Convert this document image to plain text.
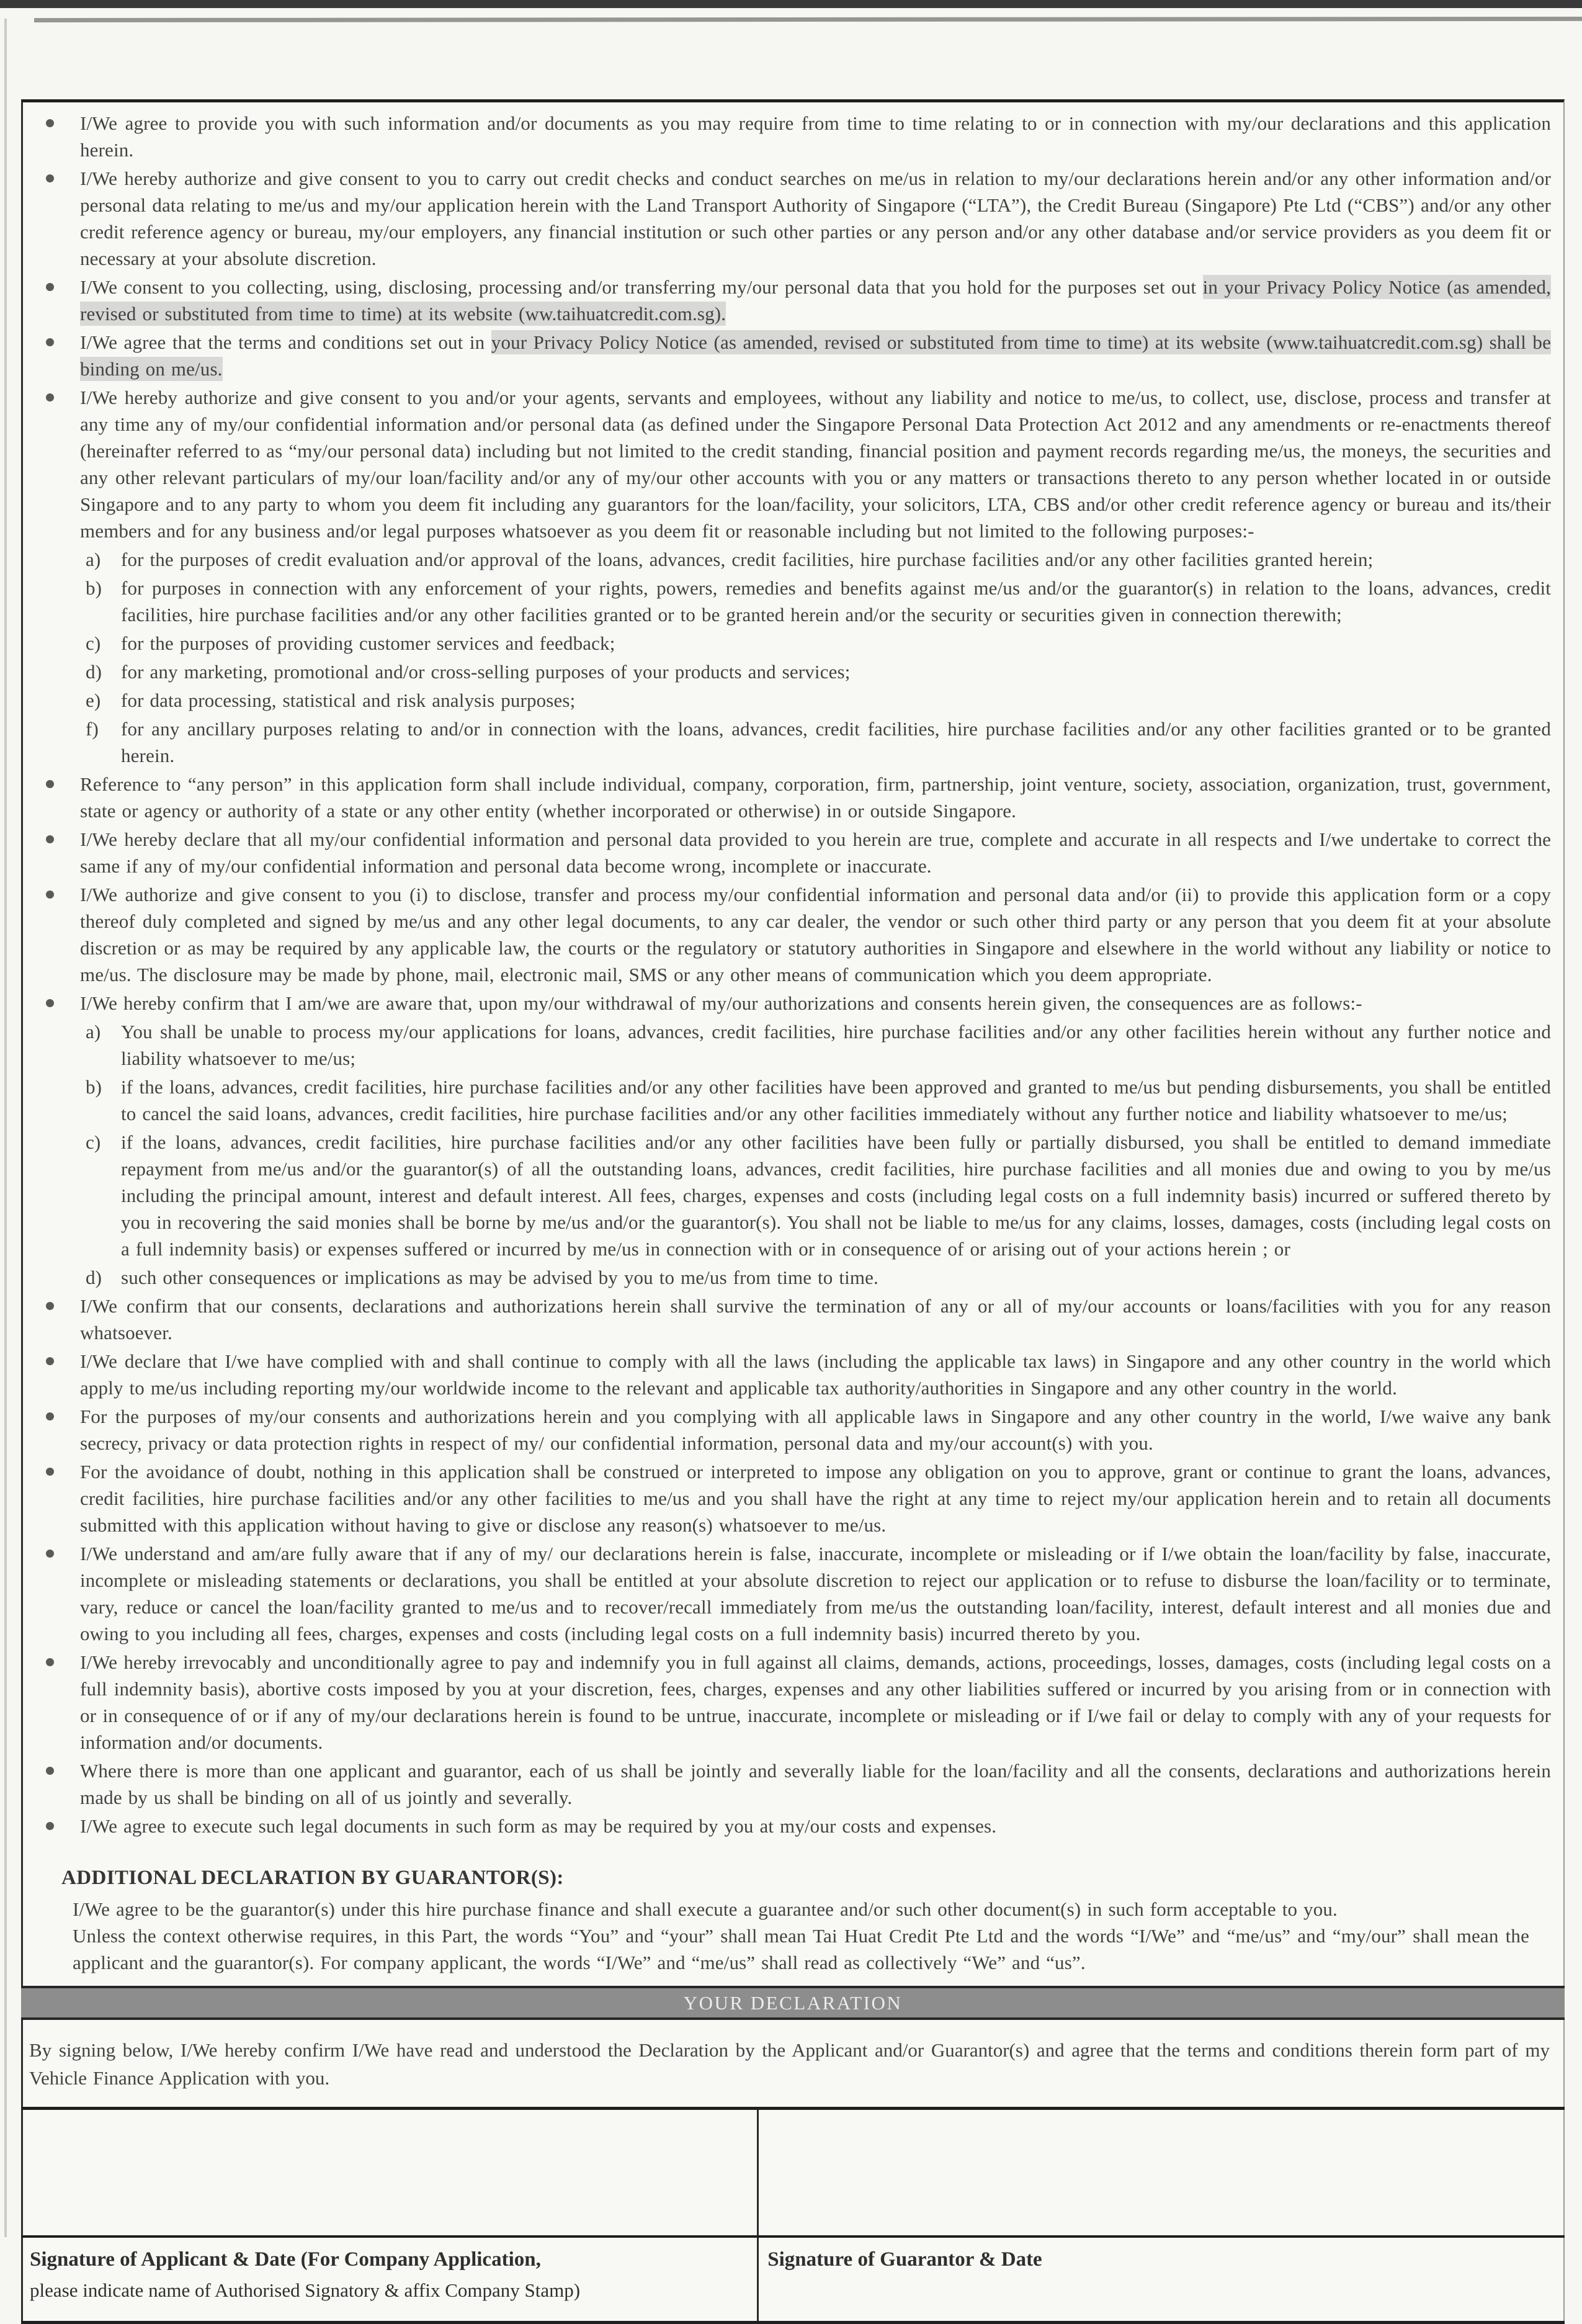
I/We agree to provide you with such information and/or documents as you may require from time to time relating to or in connection with my/our declarations and this application herein.
I/We hereby authorize and give consent to you to carry out credit checks and conduct searches on me/us in relation to my/our declarations herein and/or any other information and/or personal data relating to me/us and my/our application herein with the Land Transport Authority of Singapore (“LTA”), the Credit Bureau (Singapore) Pte Ltd (“CBS”) and/or any other credit reference agency or bureau, my/our employers, any financial institution or such other parties or any person and/or any other database and/or service providers as you deem fit or necessary at your absolute discretion.
I/We consent to you collecting, using, disclosing, processing and/or transferring my/our personal data that you hold for the purposes set out in your Privacy Policy Notice (as amended, revised or substituted from time to time) at its website (ww.taihuatcredit.com.sg).
I/We agree that the terms and conditions set out in your Privacy Policy Notice (as amended, revised or substituted from time to time) at its website (www.taihuatcredit.com.sg) shall be binding on me/us.
I/We hereby authorize and give consent to you and/or your agents, servants and employees, without any liability and notice to me/us, to collect, use, disclose, process and transfer at any time any of my/our confidential information and/or personal data (as defined under the Singapore Personal Data Protection Act 2012 and any amendments or re-enactments thereof (hereinafter referred to as “my/our personal data) including but not limited to the credit standing, financial position and payment records regarding me/us, the moneys, the securities and any other relevant particulars of my/our loan/facility and/or any of my/our other accounts with you or any matters or transactions thereto to any person whether located in or outside Singapore and to any party to whom you deem fit including any guarantors for the loan/facility, your solicitors, LTA, CBS and/or other credit reference agency or bureau and its/their members and for any business and/or legal purposes whatsoever as you deem fit or reasonable including but not limited to the following purposes:-
a) for the purposes of credit evaluation and/or approval of the loans, advances, credit facilities, hire purchase facilities and/or any other facilities granted herein;
b) for purposes in connection with any enforcement of your rights, powers, remedies and benefits against me/us and/or the guarantor(s) in relation to the loans, advances, credit facilities, hire purchase facilities and/or any other facilities granted or to be granted herein and/or the security or securities given in connection therewith;
c) for the purposes of providing customer services and feedback;
d) for any marketing, promotional and/or cross-selling purposes of your products and services;
e) for data processing, statistical and risk analysis purposes;
f) for any ancillary purposes relating to and/or in connection with the loans, advances, credit facilities, hire purchase facilities and/or any other facilities granted or to be granted herein.
Reference to “any person” in this application form shall include individual, company, corporation, firm, partnership, joint venture, society, association, organization, trust, government, state or agency or authority of a state or any other entity (whether incorporated or otherwise) in or outside Singapore.
I/We hereby declare that all my/our confidential information and personal data provided to you herein are true, complete and accurate in all respects and I/we undertake to correct the same if any of my/our confidential information and personal data become wrong, incomplete or inaccurate.
I/We authorize and give consent to you (i) to disclose, transfer and process my/our confidential information and personal data and/or (ii) to provide this application form or a copy thereof duly completed and signed by me/us and any other legal documents, to any car dealer, the vendor or such other third party or any person that you deem fit at your absolute discretion or as may be required by any applicable law, the courts or the regulatory or statutory authorities in Singapore and elsewhere in the world without any liability or notice to me/us. The disclosure may be made by phone, mail, electronic mail, SMS or any other means of communication which you deem appropriate.
I/We hereby confirm that I am/we are aware that, upon my/our withdrawal of my/our authorizations and consents herein given, the consequences are as follows:-
a) You shall be unable to process my/our applications for loans, advances, credit facilities, hire purchase facilities and/or any other facilities herein without any further notice and liability whatsoever to me/us;
b) if the loans, advances, credit facilities, hire purchase facilities and/or any other facilities have been approved and granted to me/us but pending disbursements, you shall be entitled to cancel the said loans, advances, credit facilities, hire purchase facilities and/or any other facilities immediately without any further notice and liability whatsoever to me/us;
c) if the loans, advances, credit facilities, hire purchase facilities and/or any other facilities have been fully or partially disbursed, you shall be entitled to demand immediate repayment from me/us and/or the guarantor(s) of all the outstanding loans, advances, credit facilities, hire purchase facilities and all monies due and owing to you by me/us including the principal amount, interest and default interest. All fees, charges, expenses and costs (including legal costs on a full indemnity basis) incurred or suffered thereto by you in recovering the said monies shall be borne by me/us and/or the guarantor(s). You shall not be liable to me/us for any claims, losses, damages, costs (including legal costs on a full indemnity basis) or expenses suffered or incurred by me/us in connection with or in consequence of or arising out of your actions herein ; or
d) such other consequences or implications as may be advised by you to me/us from time to time.
I/We confirm that our consents, declarations and authorizations herein shall survive the termination of any or all of my/our accounts or loans/facilities with you for any reason whatsoever.
I/We declare that I/we have complied with and shall continue to comply with all the laws (including the applicable tax laws) in Singapore and any other country in the world which apply to me/us including reporting my/our worldwide income to the relevant and applicable tax authority/authorities in Singapore and any other country in the world.
For the purposes of my/our consents and authorizations herein and you complying with all applicable laws in Singapore and any other country in the world, I/we waive any bank secrecy, privacy or data protection rights in respect of my/ our confidential information, personal data and my/our account(s) with you.
For the avoidance of doubt, nothing in this application shall be construed or interpreted to impose any obligation on you to approve, grant or continue to grant the loans, advances, credit facilities, hire purchase facilities and/or any other facilities to me/us and you shall have the right at any time to reject my/our application herein and to retain all documents submitted with this application without having to give or disclose any reason(s) whatsoever to me/us.
I/We understand and am/are fully aware that if any of my/ our declarations herein is false, inaccurate, incomplete or misleading or if I/we obtain the loan/facility by false, inaccurate, incomplete or misleading statements or declarations, you shall be entitled at your absolute discretion to reject our application or to refuse to disburse the loan/facility or to terminate, vary, reduce or cancel the loan/facility granted to me/us and to recover/recall immediately from me/us the outstanding loan/facility, interest, default interest and all monies due and owing to you including all fees, charges, expenses and costs (including legal costs on a full indemnity basis) incurred thereto by you.
I/We hereby irrevocably and unconditionally agree to pay and indemnify you in full against all claims, demands, actions, proceedings, losses, damages, costs (including legal costs on a full indemnity basis), abortive costs imposed by you at your discretion, fees, charges, expenses and any other liabilities suffered or incurred by you arising from or in connection with or in consequence of or if any of my/our declarations herein is found to be untrue, inaccurate, incomplete or misleading or if I/we fail or delay to comply with any of your requests for information and/or documents.
Where there is more than one applicant and guarantor, each of us shall be jointly and severally liable for the loan/facility and all the consents, declarations and authorizations herein made by us shall be binding on all of us jointly and severally.
I/We agree to execute such legal documents in such form as may be required by you at my/our costs and expenses.
ADDITIONAL DECLARATION BY GUARANTOR(S):

I/We agree to be the guarantor(s) under this hire purchase finance and shall execute a guarantee and/or such other document(s) in such form acceptable to you.

Unless the context otherwise requires, in this Part, the words “You” and “your” shall mean Tai Huat Credit Pte Ltd and the words “I/We” and “me/us” and “my/our” shall mean the applicant and the guarantor(s). For company applicant, the words “I/We” and “me/us” shall read as collectively “We” and “us”.

YOUR DECLARATION

By signing below, I/We hereby confirm I/We have read and understood the Declaration by the Applicant and/or Guarantor(s) and agree that the terms and conditions therein form part of my Vehicle Finance Application with you.

Signature of Applicant & Date (For Company Application,
please indicate name of Authorised Signatory & affix Company Stamp)	Signature of Guarantor & Date
